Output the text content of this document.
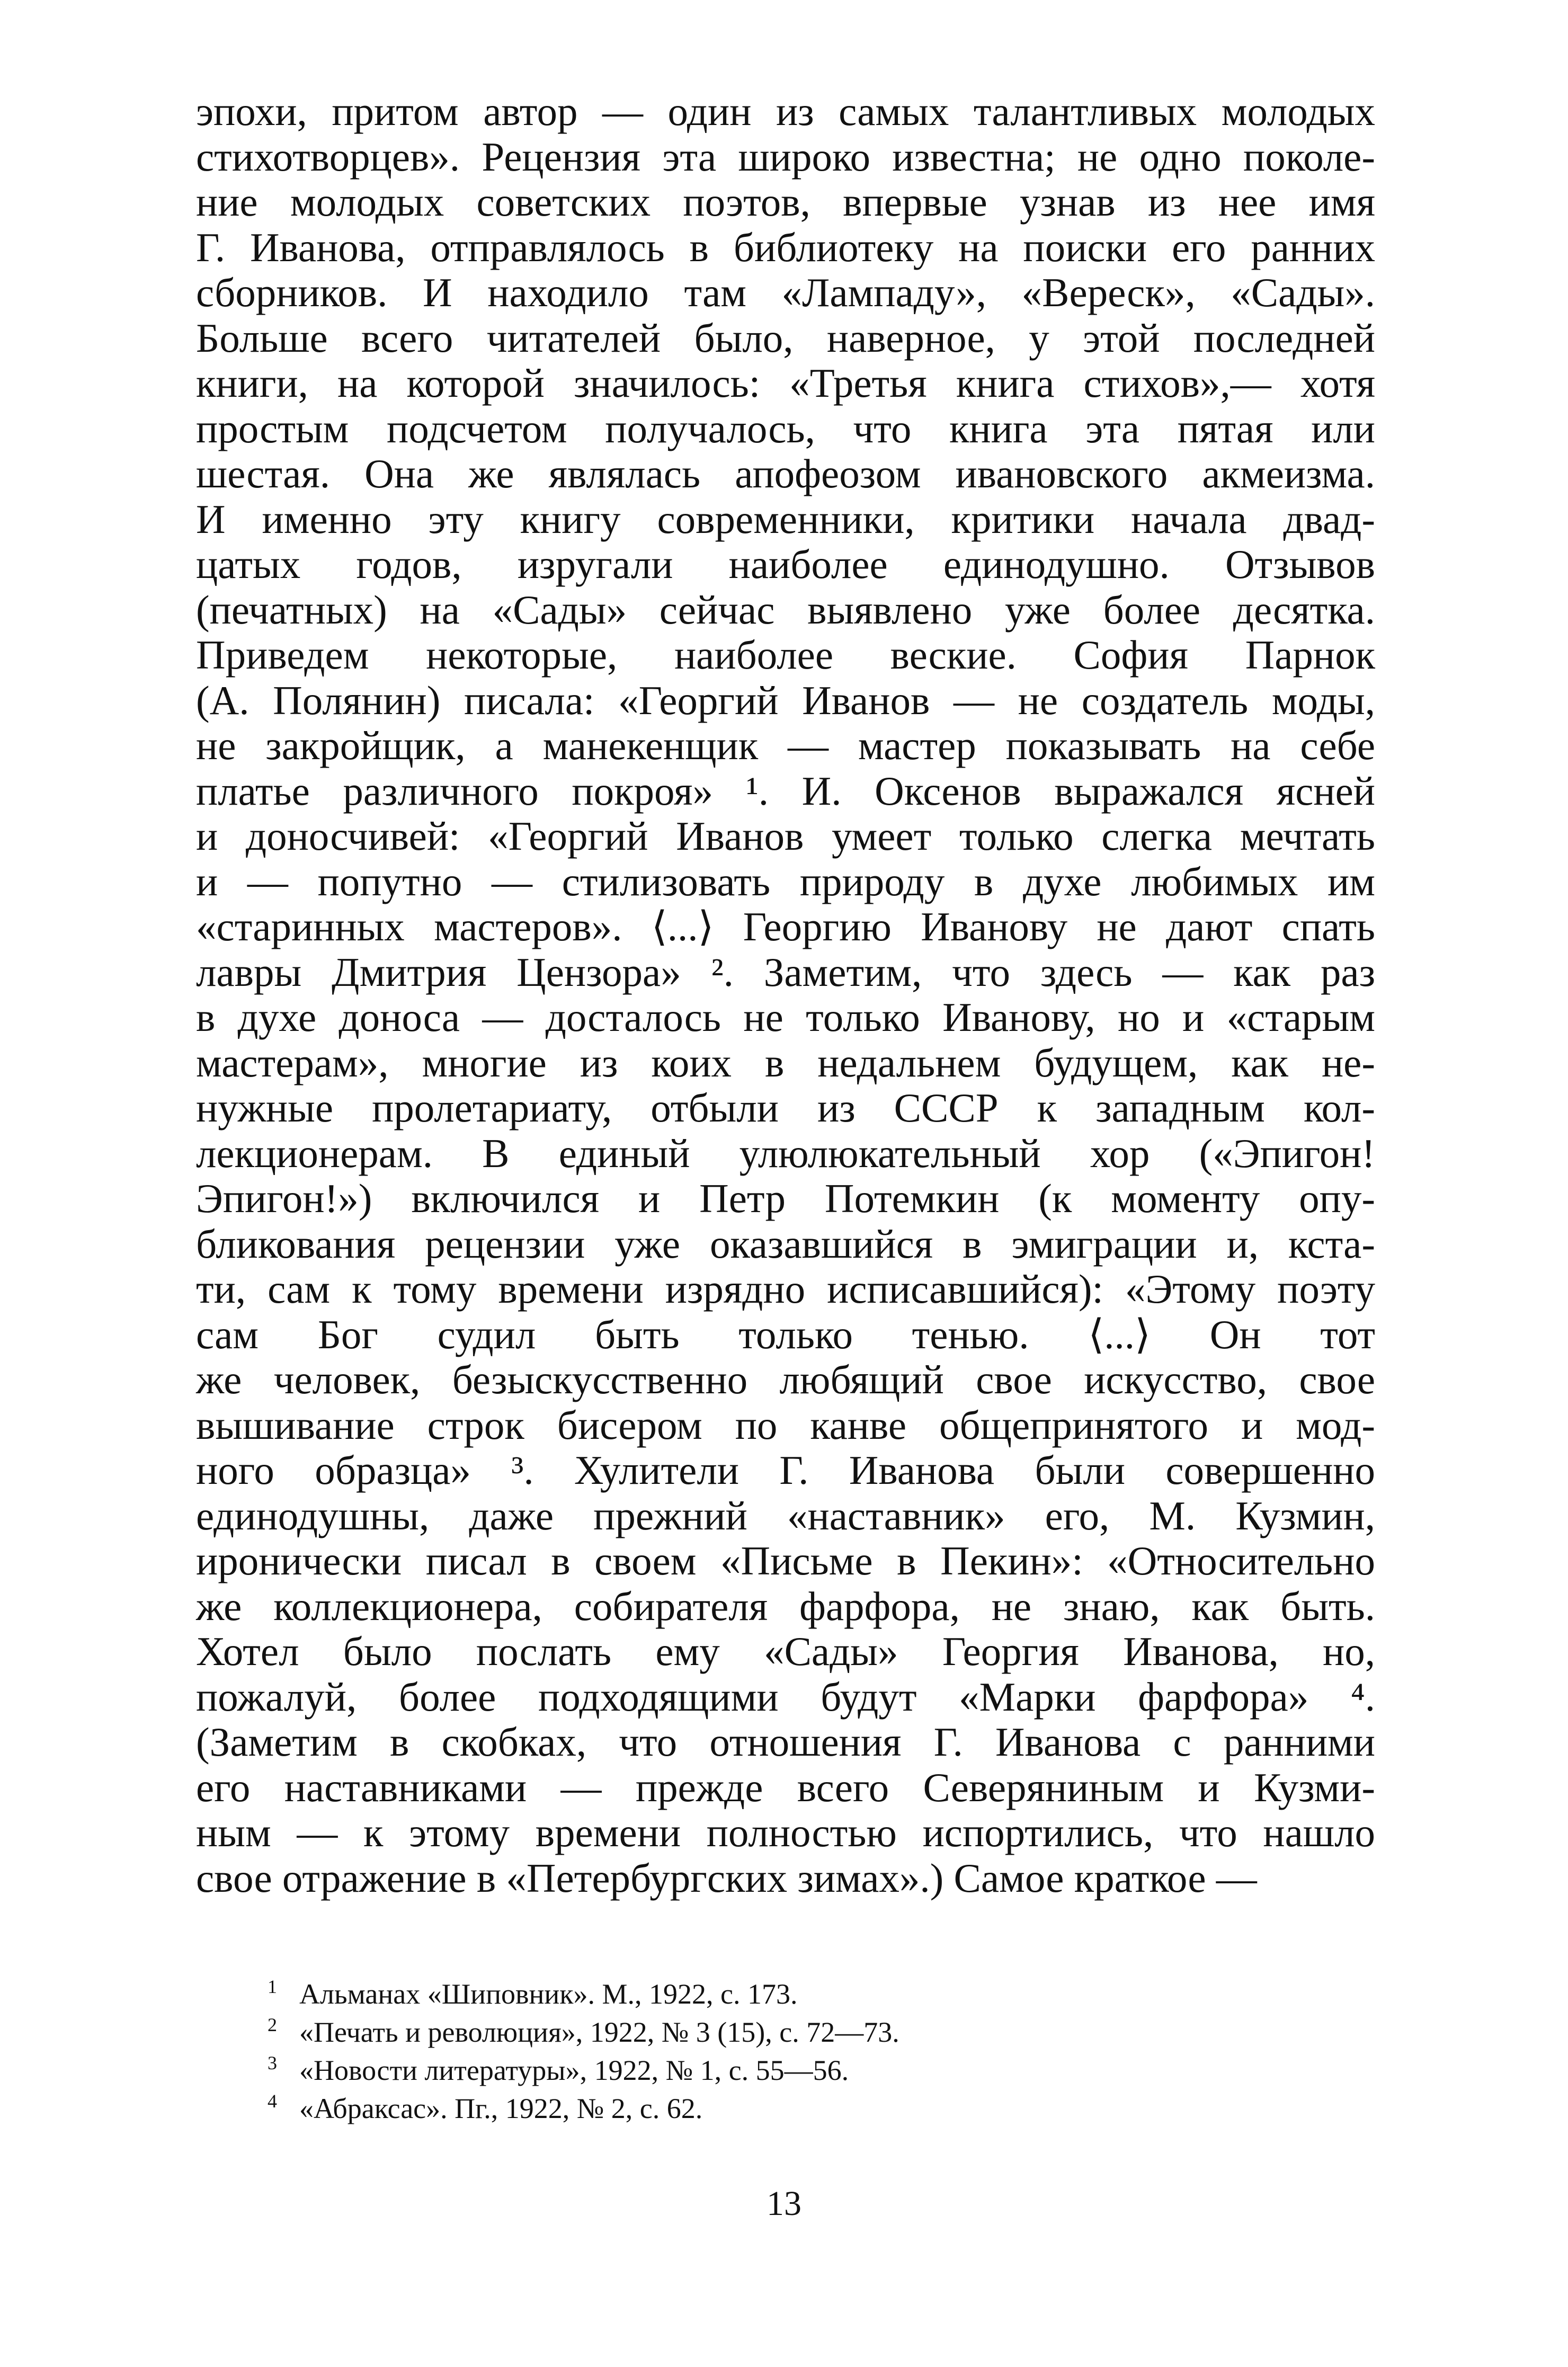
эпохи, притом автор — один из самых талантливых молодых
стихотворцев». Рецензия эта широко известна; не одно поколе-
ние молодых советских поэтов, впервые узнав из нее имя
Г. Иванова, отправлялось в библиотеку на поиски его ранних
сборников. И находило там «Лампаду», «Вереск», «Сады».
Больше всего читателей было, наверное, у этой последней
книги, на которой значилось: «Третья книга стихов»,— хотя
простым подсчетом получалось, что книга эта пятая или
шестая. Она же являлась апофеозом ивановского акмеизма.
И именно эту книгу современники, критики начала двад-
цатых годов, изругали наиболее единодушно. Отзывов
(печатных) на «Сады» сейчас выявлено уже более десятка.
Приведем некоторые, наиболее веские. София Парнок
(А. Полянин) писала: «Георгий Иванов — не создатель моды,
не закройщик, а манекенщик — мастер показывать на себе
платье различного покроя» ¹. И. Оксенов выражался ясней
и доносчивей: «Георгий Иванов умеет только слегка мечтать
и — попутно — стилизовать природу в духе любимых им
«старинных мастеров». ⟨...⟩ Георгию Иванову не дают спать
лавры Дмитрия Цензора» ². Заметим, что здесь — как раз
в духе доноса — досталось не только Иванову, но и «старым
мастерам», многие из коих в недальнем будущем, как не-
нужные пролетариату, отбыли из СССР к западным кол-
лекционерам. В единый улюлюкательный хор («Эпигон!
Эпигон!») включился и Петр Потемкин (к моменту опу-
бликования рецензии уже оказавшийся в эмиграции и, кста-
ти, сам к тому времени изрядно исписавшийся): «Этому поэту
сам Бог судил быть только тенью. ⟨...⟩ Он тот
же человек, безыскусственно любящий свое искусство, свое
вышивание строк бисером по канве общепринятого и мод-
ного образца» ³. Хулители Г. Иванова были совершенно
единодушны, даже прежний «наставник» его, М. Кузмин,
иронически писал в своем «Письме в Пекин»: «Относительно
же коллекционера, собирателя фарфора, не знаю, как быть.
Хотел было послать ему «Сады» Георгия Иванова, но,
пожалуй, более подходящими будут «Марки фарфора» ⁴.
(Заметим в скобках, что отношения Г. Иванова с ранними
его наставниками — прежде всего Северяниным и Кузми-
ным — к этому времени полностью испортились, что нашло
свое отражение в «Петербургских зимах».) Самое краткое —
1 Альманах «Шиповник». М., 1922, с. 173.
2 «Печать и революция», 1922, № 3 (15), с. 72—73.
3 «Новости литературы», 1922, № 1, с. 55—56.
4 «Абраксас». Пг., 1922, № 2, с. 62.
13
